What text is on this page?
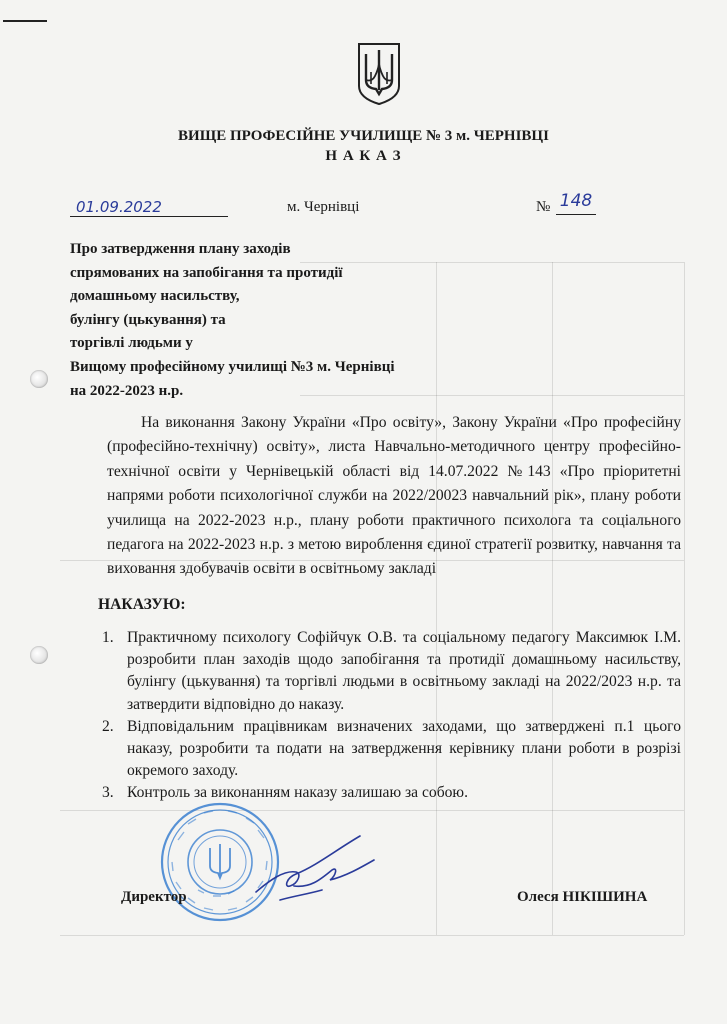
ВИЩЕ ПРОФЕСІЙНЕ УЧИЛИЩЕ № 3 м. ЧЕРНІВЦІ
Н А К А З
01.09.2022	м. Чернівці	№ 148
Про затвердження плану заходів
спрямованих на запобігання та протидії
домашньому насильству,
булінгу (цькування) та
торгівлі людьми у
Вищому професійному училищі №3 м. Чернівці
на 2022-2023 н.р.
На виконання Закону України «Про освіту», Закону України «Про професійну (професійно-технічну) освіту», листа Навчально-методичного центру професійно-технічної освіти у Чернівецькій області від 14.07.2022 №143 «Про пріоритетні напрями роботи психологічної служби на 2022/20023 навчальний рік», плану роботи училища на 2022-2023 н.р., плану роботи практичного психолога та соціального педагога на 2022-2023 н.р. з метою вироблення єдиної стратегії розвитку, навчання та виховання здобувачів освіти в освітньому закладі
НАКАЗУЮ:
1. Практичному психологу Софійчук О.В. та соціальному педагогу Максимюк І.М. розробити план заходів щодо запобігання та протидії домашньому насильству, булінгу (цькування) та торгівлі людьми в освітньому закладі на 2022/2023 н.р. та затвердити відповідно до наказу.
2. Відповідальним працівникам визначених заходами, що затверджені п.1 цього наказу, розробити та подати на затвердження керівнику плани роботи в розрізі окремого заходу.
3. Контроль за виконанням наказу залишаю за собою.
Директор	Олеся НІКІШИНА
